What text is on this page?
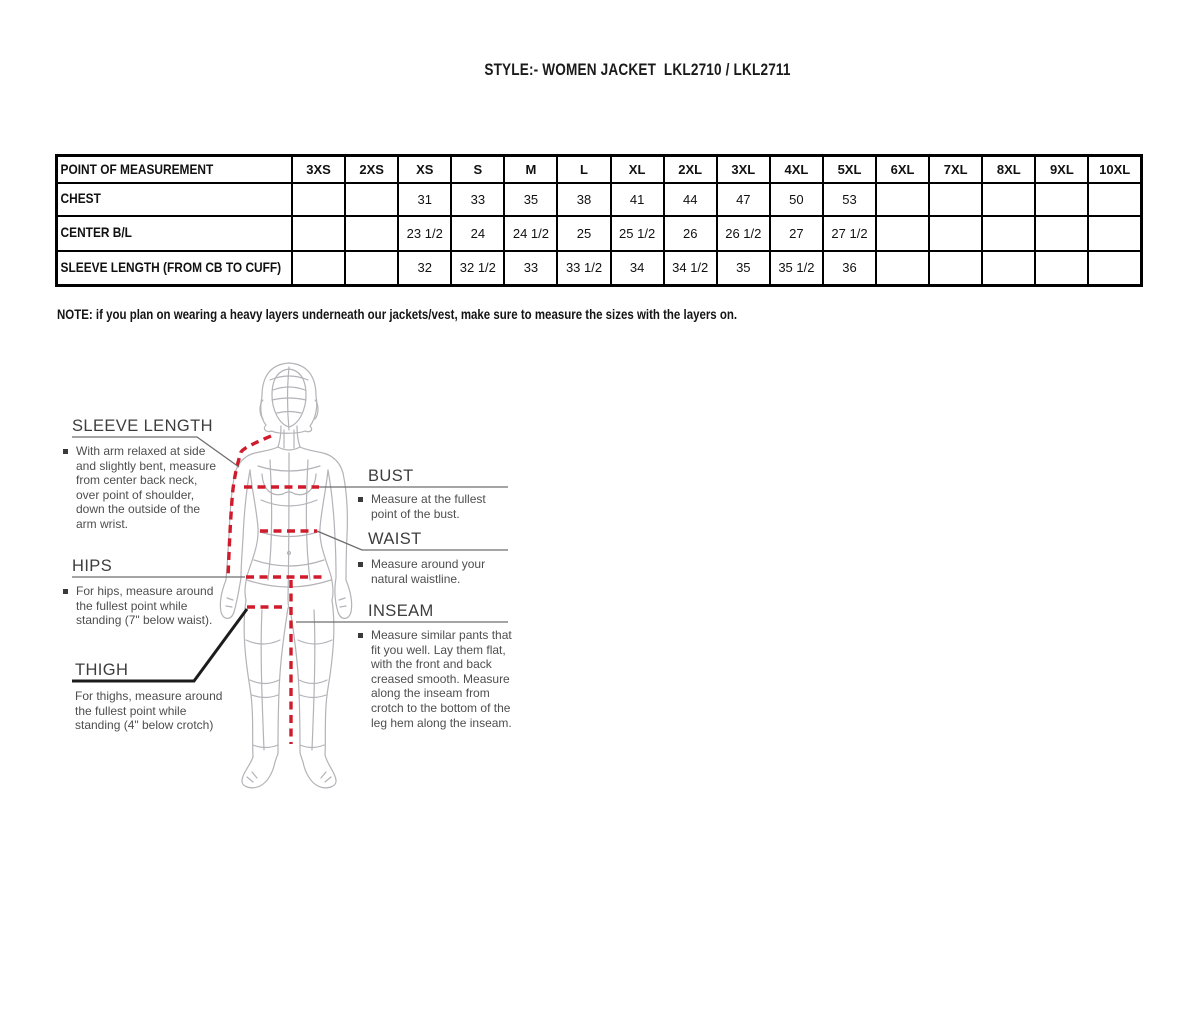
STYLE:- WOMEN JACKET  LKL2710 / LKL2711
POINT OF MEASUREMENT	3XS	2XS	XS	S	M	L	XL	2XL	3XL	4XL	5XL	6XL	7XL	8XL	9XL	10XL
CHEST			31	33	35	38	41	44	47	50	53					
CENTER B/L			23 1/2	24	24 1/2	25	25 1/2	26	26 1/2	27	27 1/2					
SLEEVE LENGTH (FROM CB TO CUFF)			32	32 1/2	33	33 1/2	34	34 1/2	35	35 1/2	36					
NOTE: if you plan on wearing a heavy layers underneath our jackets/vest, make sure to measure the sizes with the layers on.
SLEEVE LENGTH
With arm relaxed at side and slightly bent, measure from center back neck, over point of shoulder, down the outside of the arm wrist.
HIPS
For hips, measure around the fullest point while standing (7" below waist).
THIGH
For thighs, measure around the fullest point while standing (4" below crotch)
BUST
Measure at the fullest point of the bust.
WAIST
Measure around your natural waistline.
INSEAM
Measure similar pants that fit you well. Lay them flat, with the front and back creased smooth. Measure along the inseam from crotch to the bottom of the leg hem along the inseam.
